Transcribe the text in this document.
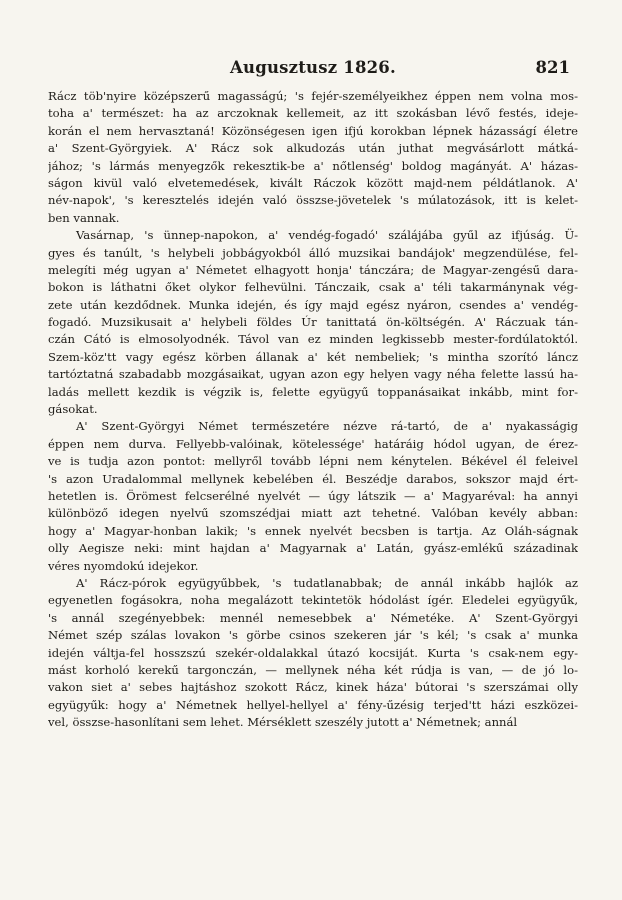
Augusztusz 1826.	821
Rácz töb'nyire középszerű magasságú; 's fejér-személyeikhez éppen nem volna mos-
toha a' természet: ha az arczoknak kellemeit, az itt szokásban lévő festés, ideje-
korán el nem hervasztaná! Közönségesen igen ifjú korokban lépnek házasságí életre
a' Szent-Györgyiek. A' Rácz sok alkudozás után juthat megvásárlott mátká-
jához; 's lármás menyegzők rekesztik-be a' nőtlenség' boldog magányát. A' házas-
ságon kivül való elvetemedések, kivált Ráczok között majd-nem példátlanok. A'
név-napok', 's keresztelés idején való összse-jövetelek 's múlatozások, itt is kelet-
ben vannak.
Vasárnap, 's ünnep-napokon, a' vendég-fogadó' szálájába gyűl az ifjúság. Ü-
gyes és tanúlt, 's helybeli jobbágyokból álló muzsikai bandájok' megzendülése, fel-
melegíti még ugyan a' Németet elhagyott honja' tánczára; de Magyar-zengésű dara-
bokon is láthatni őket olykor felhevülni. Tánczaik, csak a' téli takarmánynak vég-
zete után kezdődnek. Munka idején, és így majd egész nyáron, csendes a' vendég-
fogadó. Muzsikusait a' helybeli földes Úr tanittatá ön-költségén. A' Ráczuak tán-
czán Cátó is elmosolyodnék. Távol van ez minden legkissebb mester-fordúlatoktól.
Szem-köz'tt vagy egész körben állanak a' két nembeliek; 's mintha szorító láncz
tartóztatná szabadabb mozgásaikat, ugyan azon egy helyen vagy néha felette lassú ha-
ladás mellett kezdik is végzik is, felette együgyű toppanásaikat inkább, mint for-
gásokat.
A' Szent-Györgyi Német természetére nézve rá-tartó, de a' nyakasságig
éppen nem durva. Fellyebb-valóinak, kötelessége' határáig hódol ugyan, de érez-
ve is tudja azon pontot: mellyről tovább lépni nem kénytelen. Békével él feleivel
's azon Uradalommal mellynek kebelében él. Beszédje darabos, sokszor majd ért-
hetetlen is. Örömest felcserélné nyelvét — úgy látszik — a' Magyaréval: ha annyi
különböző idegen nyelvű szomszédjai miatt azt tehetné. Valóban kevély abban:
hogy a' Magyar-honban lakik; 's ennek nyelvét becsben is tartja. Az Oláh-ságnak
olly Aegisze neki: mint hajdan a' Magyarnak a' Latán, gyász-emlékű századinak
véres nyomdokú idejekor.
A' Rácz-pórok együgyűbbek, 's tudatlanabbak; de annál inkább hajlók az
egyenetlen fogásokra, noha megalázott tekintetök hódolást ígér. Eledelei együgyűk,
's annál szegényebbek: mennél nemesebbek a' Németéke. A' Szent-Györgyi
Német szép szálas lovakon 's görbe csinos szekeren jár 's kél; 's csak a' munka
idején váltja-fel hosszszú szekér-oldalakkal útazó kocsiját. Kurta 's csak-nem egy-
mást korholó kerekű targonczán, — mellynek néha két rúdja is van, — de jó lo-
vakon siet a' sebes hajtáshoz szokott Rácz, kinek háza' bútorai 's szerszámai olly
együgyűk: hogy a' Németnek hellyel-hellyel a' fény-űzésig terjed'tt házi eszközei-
vel, összse-hasonlítani sem lehet. Mérséklett szeszély jutott a' Németnek; annál
